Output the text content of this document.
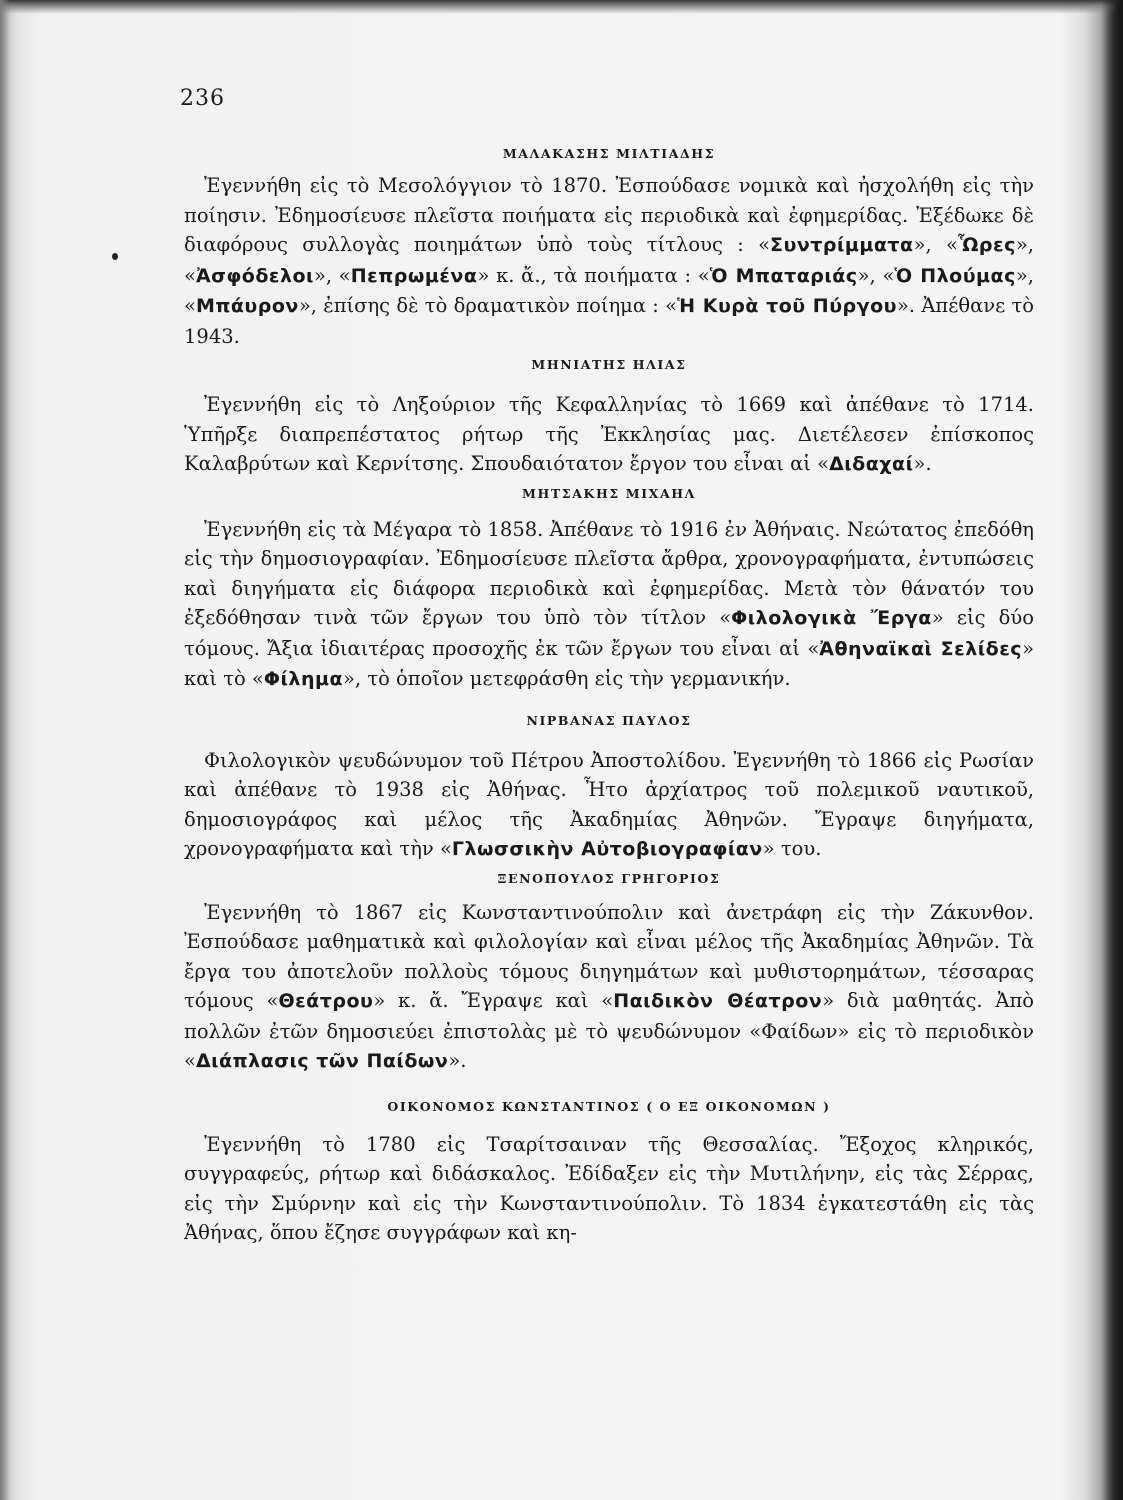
236
ΜΑΛΑΚΑΣΗΣ ΜΙΛΤΙΑΔΗΣ

Ἐγεννήθη εἰς τὸ Μεσολόγγιον τὸ 1870. Ἐσπούδασε νομικὰ καὶ ἠσχολήθη εἰς τὴν ποίησιν. Ἐδημοσίευσε πλεῖστα ποιήματα εἰς περιοδικὰ καὶ ἐφημερίδας. Ἐξέδωκε δὲ διαφόρους συλλογὰς ποιημάτων ὑπὸ τοὺς τίτλους : «Συντρίμματα», «Ὧρες», «Ἀσφόδελοι», «Πεπρωμένα» κ. ἄ., τὰ ποιήματα : «Ὁ Μπαταριάς», «Ὁ Πλούμας», «Μπάυρον», ἐπίσης δὲ τὸ δραματικὸν ποίημα : «Ἡ Κυρὰ τοῦ Πύργου». Ἀπέθανε τὸ 1943.

ΜΗΝΙΑΤΗΣ ΗΛΙΑΣ

Ἐγεννήθη εἰς τὸ Ληξούριον τῆς Κεφαλληνίας τὸ 1669 καὶ ἀπέθανε τὸ 1714. Ὑπῆρξε διαπρεπέστατος ρήτωρ τῆς Ἐκκλησίας μας. Διετέλεσεν ἐπίσκοπος Καλαβρύτων καὶ Κερνίτσης. Σπουδαιότατον ἔργον του εἶναι αἱ «Διδαχαί».

ΜΗΤΣΑΚΗΣ ΜΙΧΑΗΛ

Ἐγεννήθη εἰς τὰ Μέγαρα τὸ 1858. Ἀπέθανε τὸ 1916 ἐν Ἀθήναις. Νεώτατος ἐπεδόθη εἰς τὴν δημοσιογραφίαν. Ἐδημοσίευσε πλεῖστα ἄρθρα, χρονογραφήματα, ἐντυπώσεις καὶ διηγήματα εἰς διάφορα περιοδικὰ καὶ ἐφημερίδας. Μετὰ τὸν θάνατόν του ἐξεδόθησαν τινὰ τῶν ἔργων του ὑπὸ τὸν τίτλον «Φιλολογικὰ Ἔργα» εἰς δύο τόμους. Ἄξια ἰδιαιτέρας προσοχῆς ἐκ τῶν ἔργων του εἶναι αἱ «Ἀθηναϊκαὶ Σελίδες» καὶ τὸ «Φίλημα», τὸ ὁποῖον μετεφράσθη εἰς τὴν γερμανικήν.

ΝΙΡΒΑΝΑΣ ΠΑΥΛΟΣ

Φιλολογικὸν ψευδώνυμον τοῦ Πέτρου Ἀποστολίδου. Ἐγεννήθη τὸ 1866 εἰς Ρωσίαν καὶ ἀπέθανε τὸ 1938 εἰς Ἀθήνας. Ἦτο ἀρχίατρος τοῦ πολεμικοῦ ναυτικοῦ, δημοσιογράφος καὶ μέλος τῆς Ἀκαδημίας Ἀθηνῶν. Ἔγραψε διηγήματα, χρονογραφήματα καὶ τὴν «Γλωσσικὴν Αὐτοβιογραφίαν» του.

ΞΕΝΟΠΟΥΛΟΣ ΓΡΗΓΟΡΙΟΣ

Ἐγεννήθη τὸ 1867 εἰς Κωνσταντινούπολιν καὶ ἀνετράφη εἰς τὴν Ζάκυνθον. Ἐσπούδασε μαθηματικὰ καὶ φιλολογίαν καὶ εἶναι μέλος τῆς Ἀκαδημίας Ἀθηνῶν. Τὰ ἔργα του ἀποτελοῦν πολλοὺς τόμους διηγημάτων καὶ μυθιστορημάτων, τέσσαρας τόμους «Θεάτρου» κ. ἄ. Ἔγραψε καὶ «Παιδικὸν Θέατρον» διὰ μαθητάς. Ἀπὸ πολλῶν ἐτῶν δημοσιεύει ἐπιστολὰς μὲ τὸ ψευδώνυμον «Φαίδων» εἰς τὸ περιοδικὸν «Διάπλασις τῶν Παίδων».

ΟΙΚΟΝΟΜΟΣ ΚΩΝΣΤΑΝΤΙΝΟΣ ( Ο ΕΞ ΟΙΚΟΝΟΜΩΝ )

Ἐγεννήθη τὸ 1780 εἰς Τσαρίτσαιναν τῆς Θεσσαλίας. Ἔξοχος κληρικός, συγγραφεύς, ρήτωρ καὶ διδάσκαλος. Ἐδίδαξεν εἰς τὴν Μυτιλήνην, εἰς τὰς Σέρρας, εἰς τὴν Σμύρνην καὶ εἰς τὴν Κωνσταντινούπολιν. Τὸ 1834 ἐγκατεστάθη εἰς τὰς Ἀθήνας, ὅπου ἔζησε συγγράφων καὶ κη-
